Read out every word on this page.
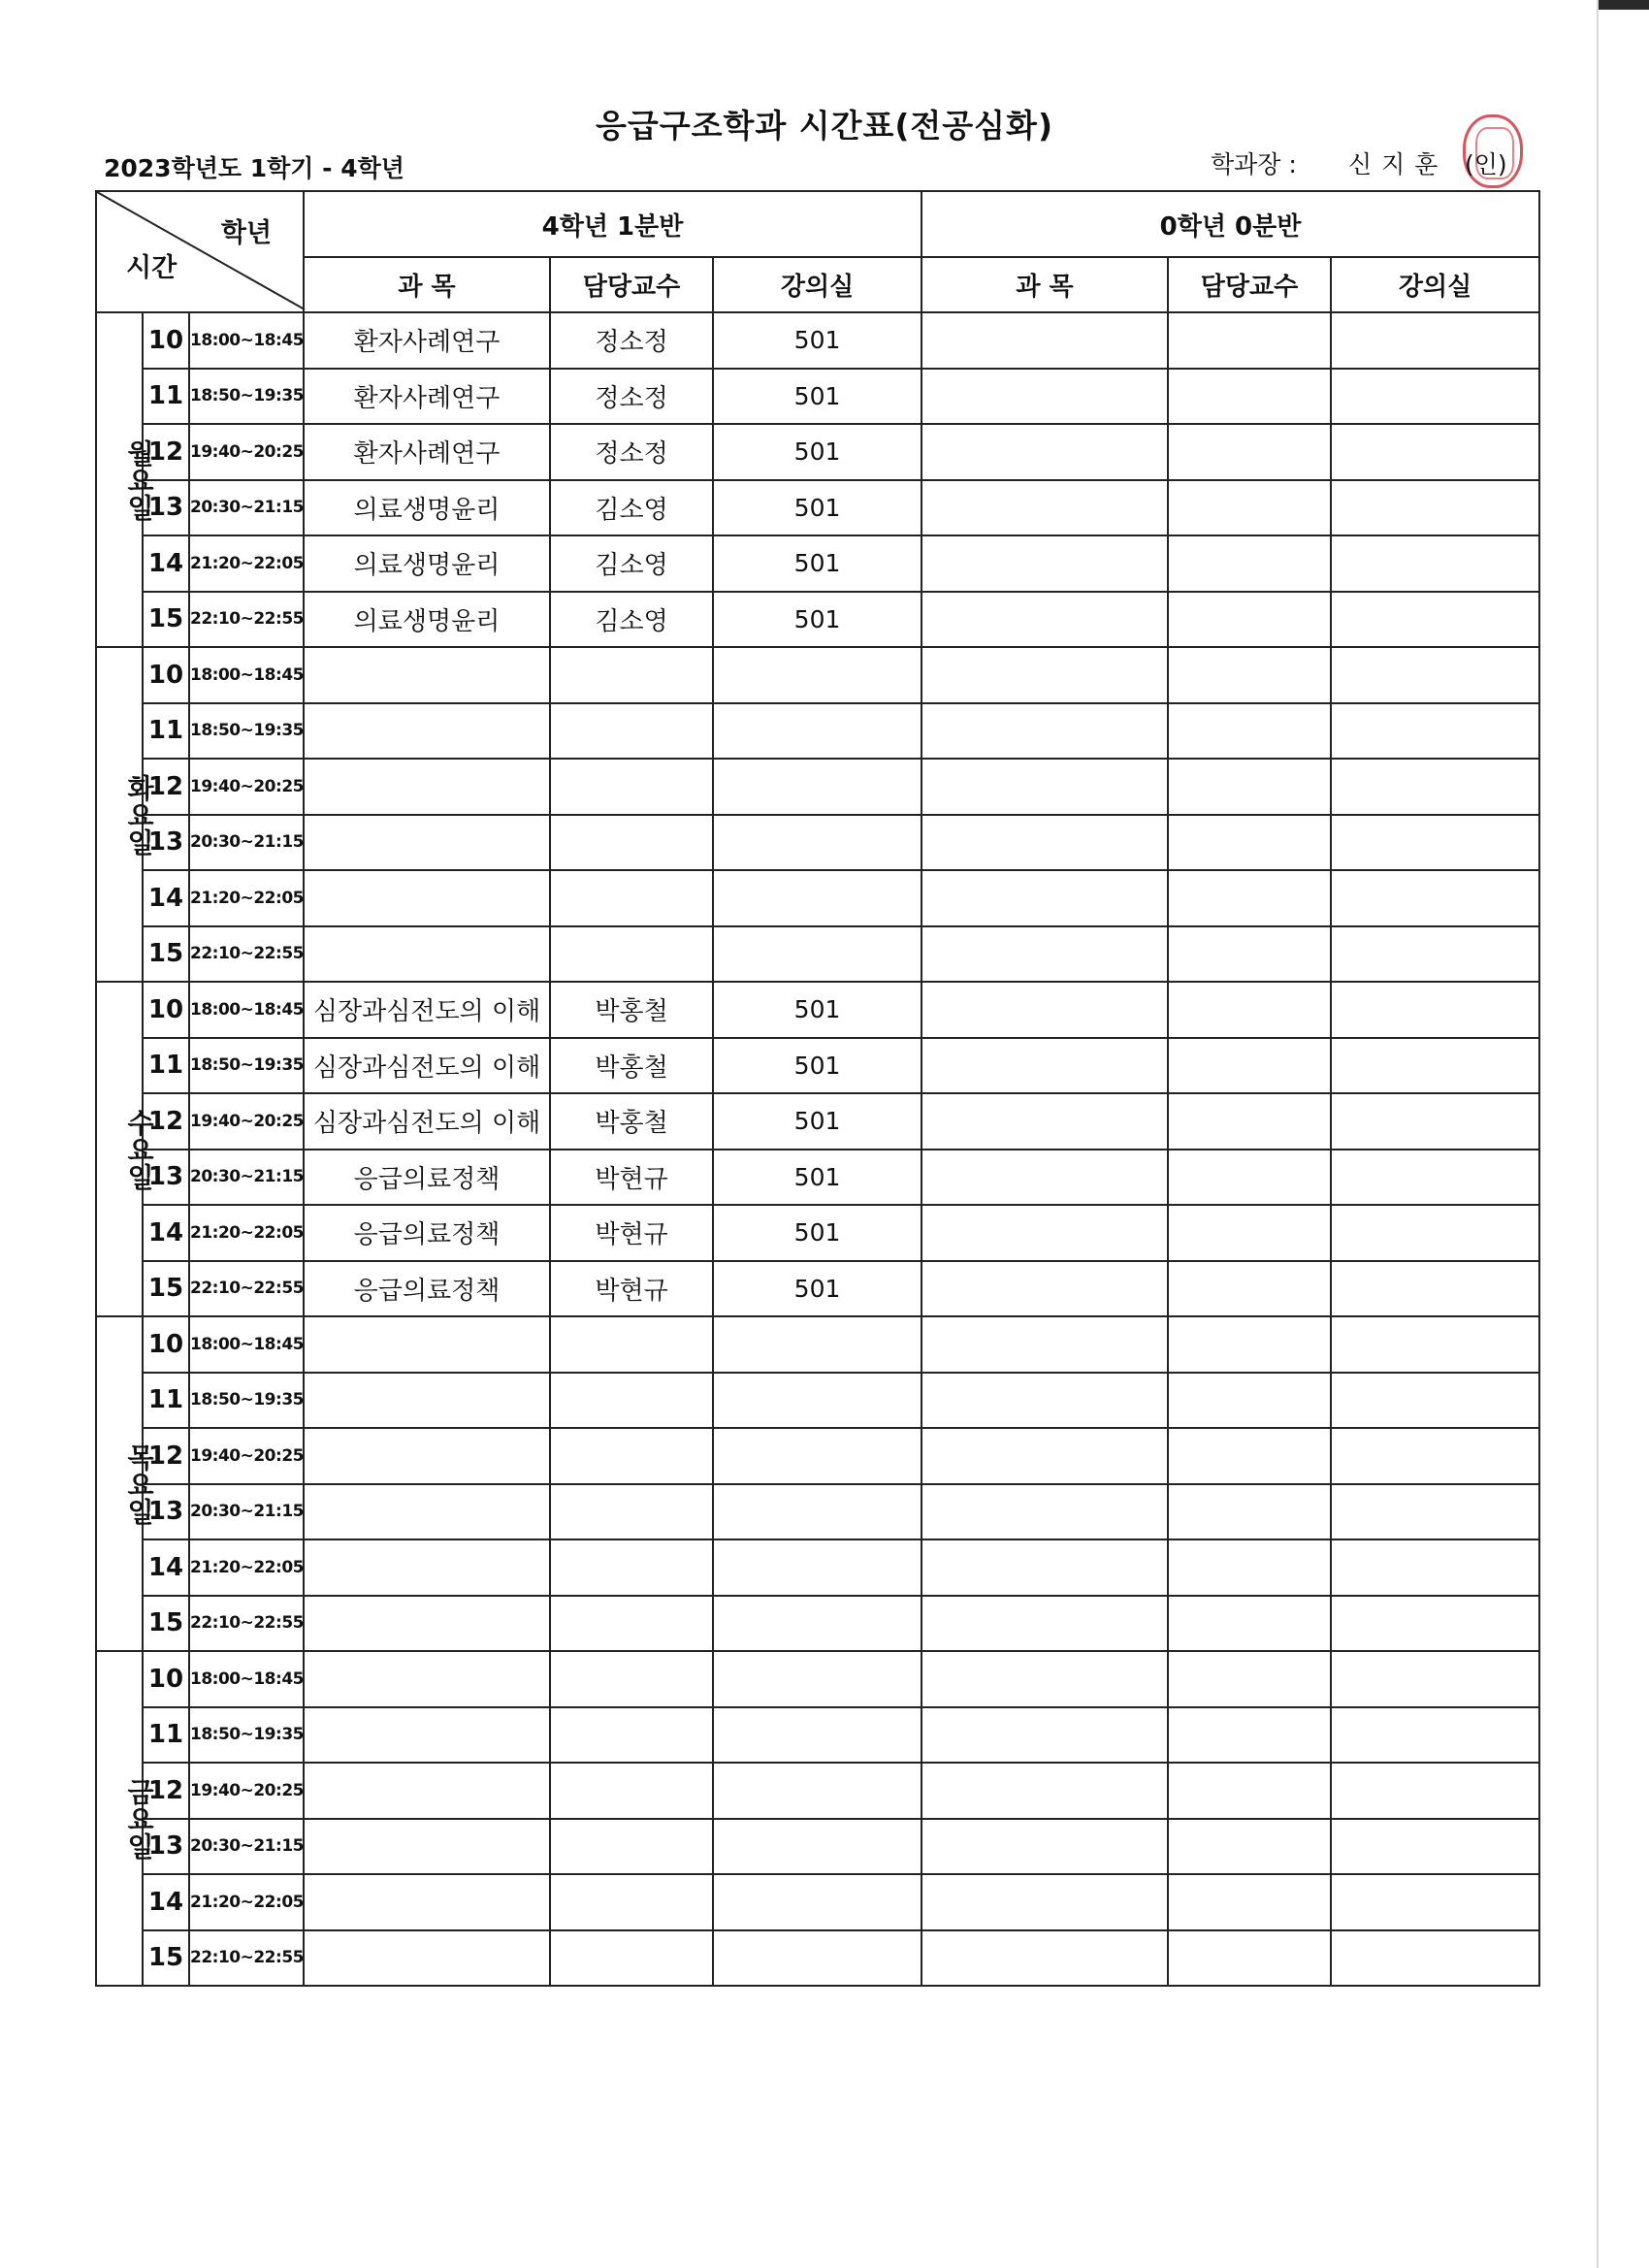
응급구조학과 시간표(전공심화)
2023학년도 1학기 - 4학년	학과장 : 신지훈 (인)
학년
시간			4학년 1분반			0학년 0분반		
			과 목	담당교수	강의실	과 목	담당교수	강의실

월요일	10	18:00~18:45	환자사례연구	정소정	501			
	11	18:50~19:35	환자사례연구	정소정	501			
	12	19:40~20:25	환자사례연구	정소정	501			
	13	20:30~21:15	의료생명윤리	김소영	501			
	14	21:20~22:05	의료생명윤리	김소영	501			
	15	22:10~22:55	의료생명윤리	김소영	501			

화요일	10	18:00~18:45						
	11	18:50~19:35						
	12	19:40~20:25						
	13	20:30~21:15						
	14	21:20~22:05						
	15	22:10~22:55						

수요일	10	18:00~18:45	심장과심전도의 이해	박홍철	501			
	11	18:50~19:35	심장과심전도의 이해	박홍철	501			
	12	19:40~20:25	심장과심전도의 이해	박홍철	501			
	13	20:30~21:15	응급의료정책	박현규	501			
	14	21:20~22:05	응급의료정책	박현규	501			
	15	22:10~22:55	응급의료정책	박현규	501			

목요일	10	18:00~18:45						
	11	18:50~19:35						
	12	19:40~20:25						
	13	20:30~21:15						
	14	21:20~22:05						
	15	22:10~22:55						

금요일	10	18:00~18:45						
	11	18:50~19:35						
	12	19:40~20:25						
	13	20:30~21:15						
	14	21:20~22:05						
	15	22:10~22:55						
